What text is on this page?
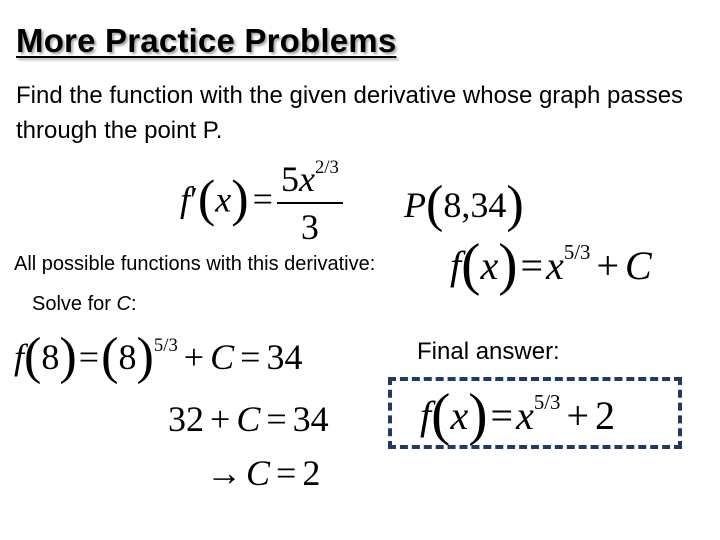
More Practice Problems
Find the function with the given derivative whose graph passes through the point P.
$f'(x) = \frac{5x^{2/3}}{3} P(8,34)$
All possible functions with this derivative: $f(x)=x^{5/3} + C$
Solve for C:
$f(8)=(8)^{5/3} + C = 34$
32 + C = 34
→ C = 2
Final answer:
$f(x)=x^{5/3} + 2$
